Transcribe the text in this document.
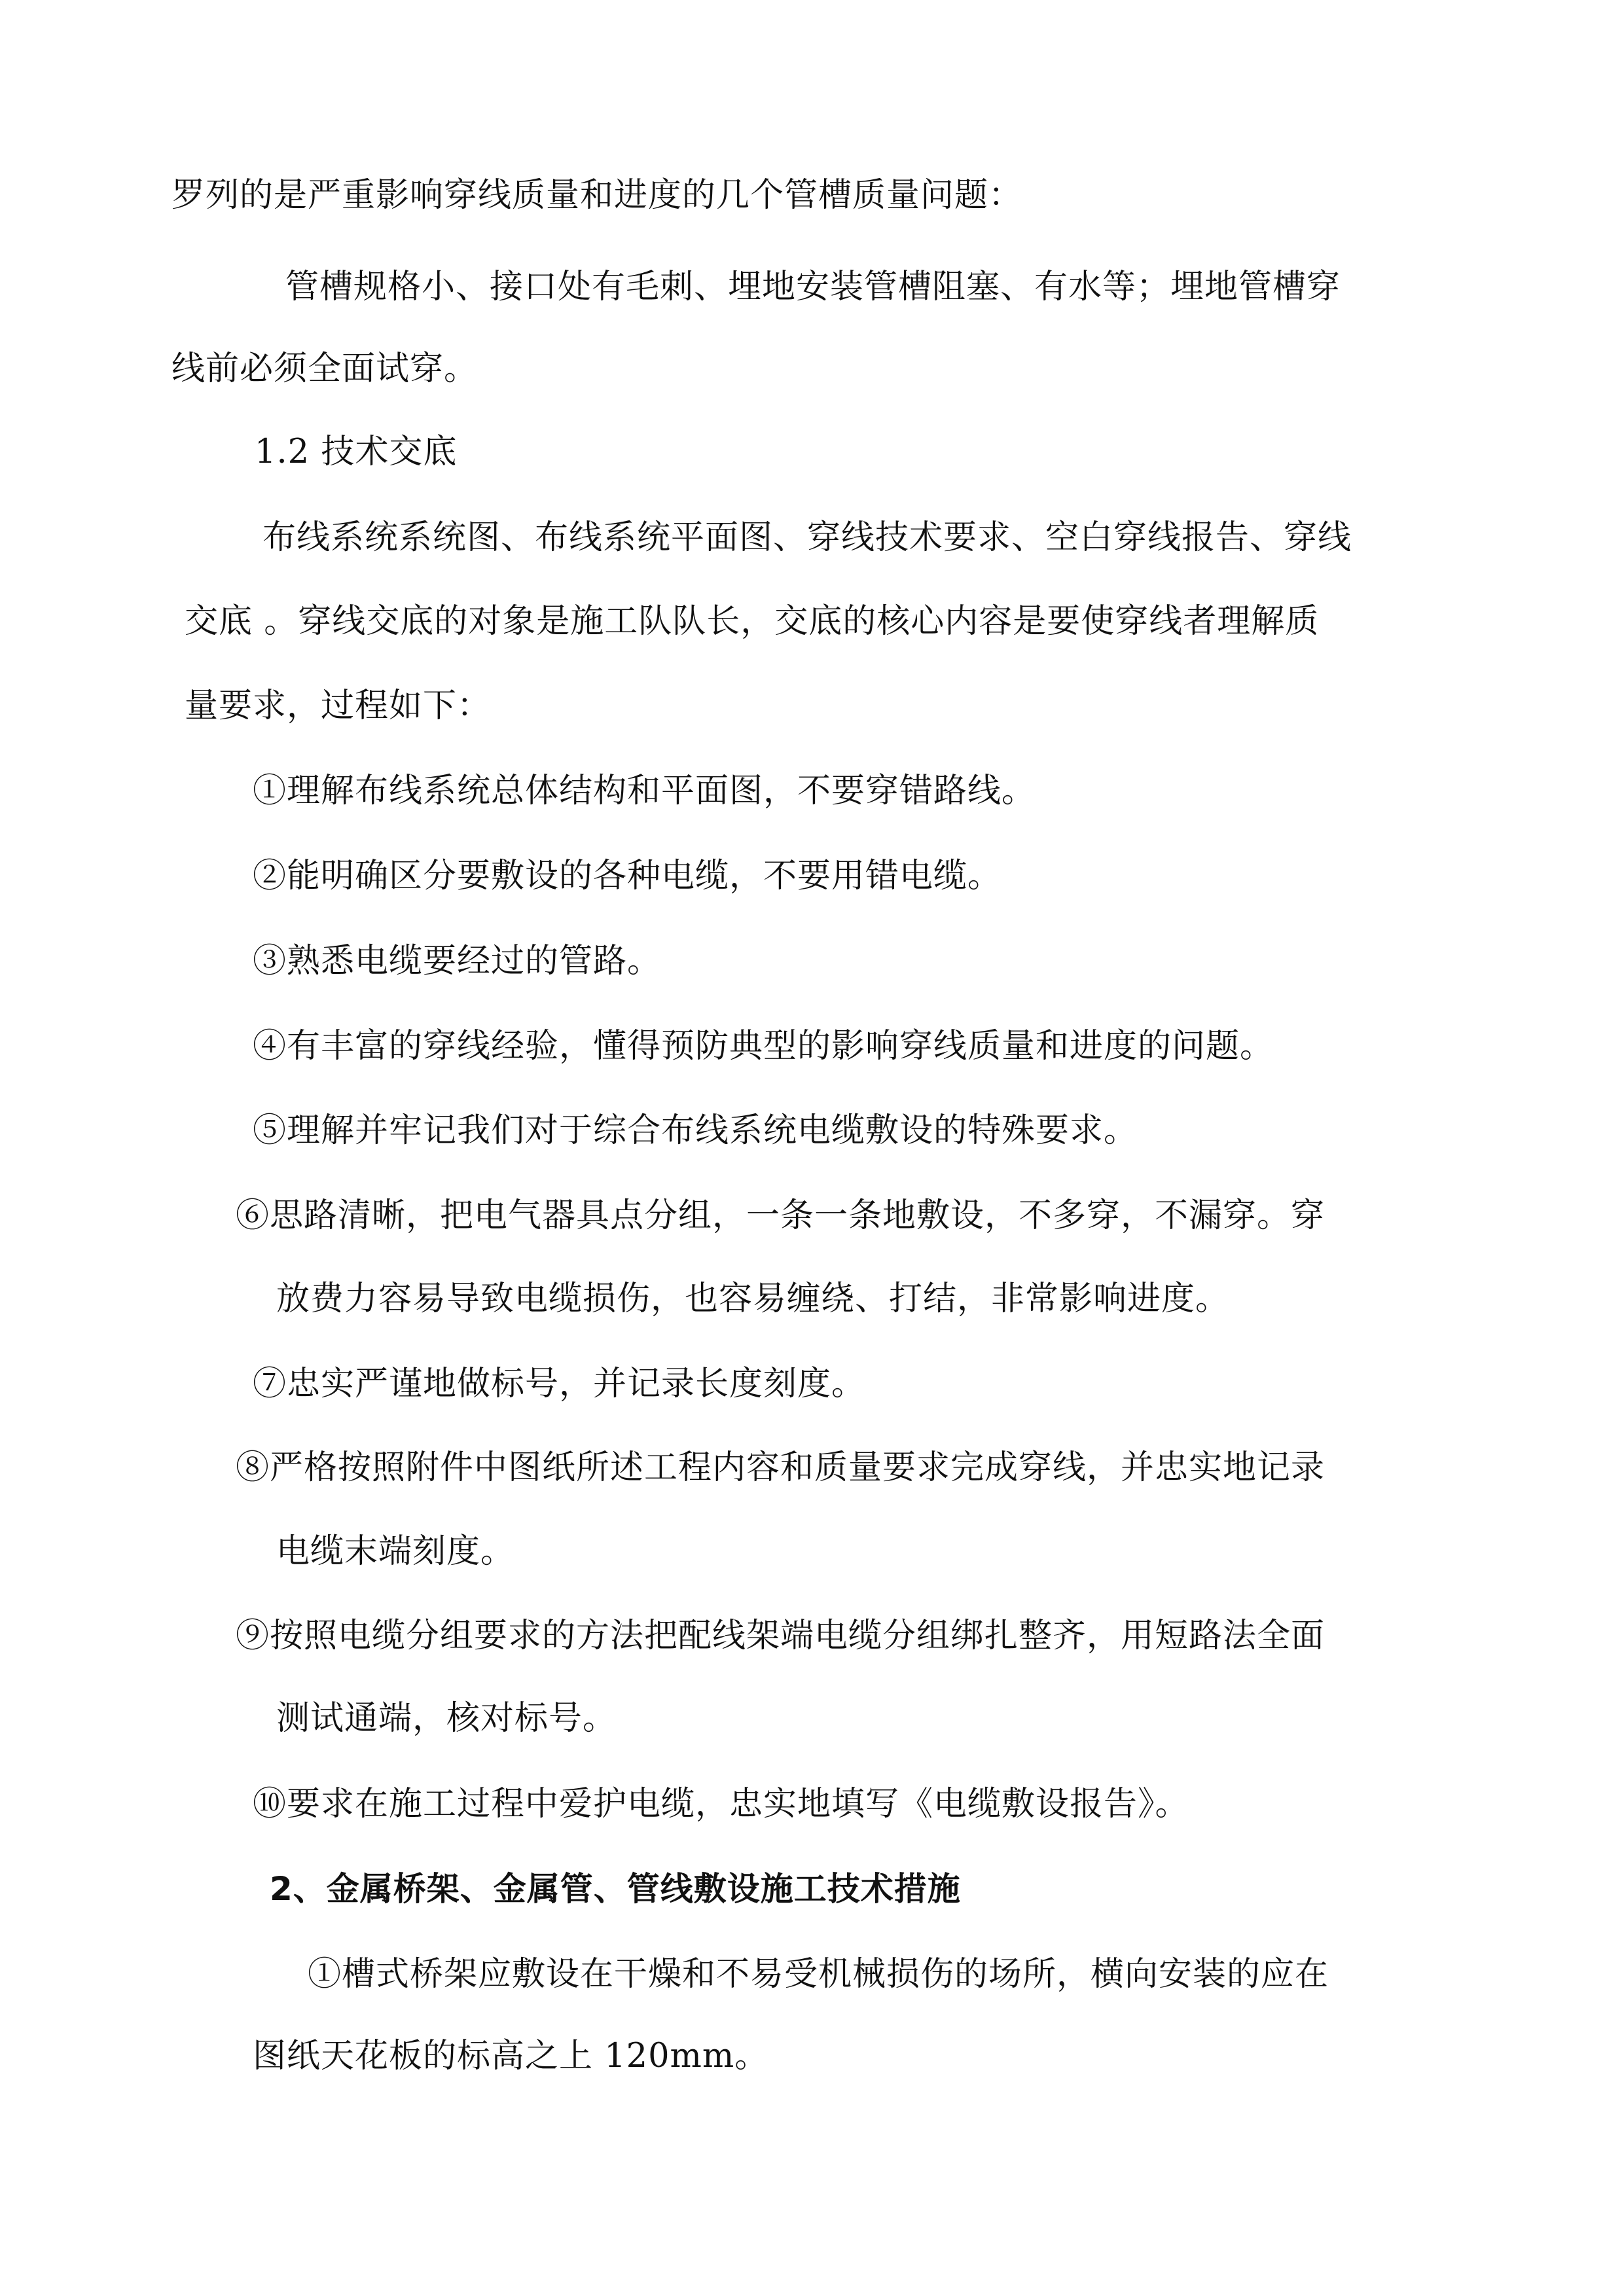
罗列的是严重影响穿线质量和进度的几个管槽质量问题：
管槽规格小、接口处有毛刺、埋地安装管槽阻塞、有水等；埋地管槽穿
线前必须全面试穿。
1.2 技术交底
布线系统系统图、布线系统平面图、穿线技术要求、空白穿线报告、穿线
交底 。穿线交底的对象是施工队队长，交底的核心内容是要使穿线者理解质
量要求，过程如下：
①理解布线系统总体结构和平面图，不要穿错路线。
②能明确区分要敷设的各种电缆，不要用错电缆。
③熟悉电缆要经过的管路。
④有丰富的穿线经验，懂得预防典型的影响穿线质量和进度的问题。
⑤理解并牢记我们对于综合布线系统电缆敷设的特殊要求。
⑥思路清晰，把电气器具点分组，一条一条地敷设，不多穿，不漏穿。穿
放费力容易导致电缆损伤，也容易缠绕、打结，非常影响进度。
⑦忠实严谨地做标号，并记录长度刻度。
⑧严格按照附件中图纸所述工程内容和质量要求完成穿线，并忠实地记录
电缆末端刻度。
⑨按照电缆分组要求的方法把配线架端电缆分组绑扎整齐，用短路法全面
测试通端，核对标号。
⑩要求在施工过程中爱护电缆，忠实地填写《电缆敷设报告》。
2、金属桥架、金属管、管线敷设施工技术措施
①槽式桥架应敷设在干燥和不易受机械损伤的场所，横向安装的应在
图纸天花板的标高之上 120mm。
